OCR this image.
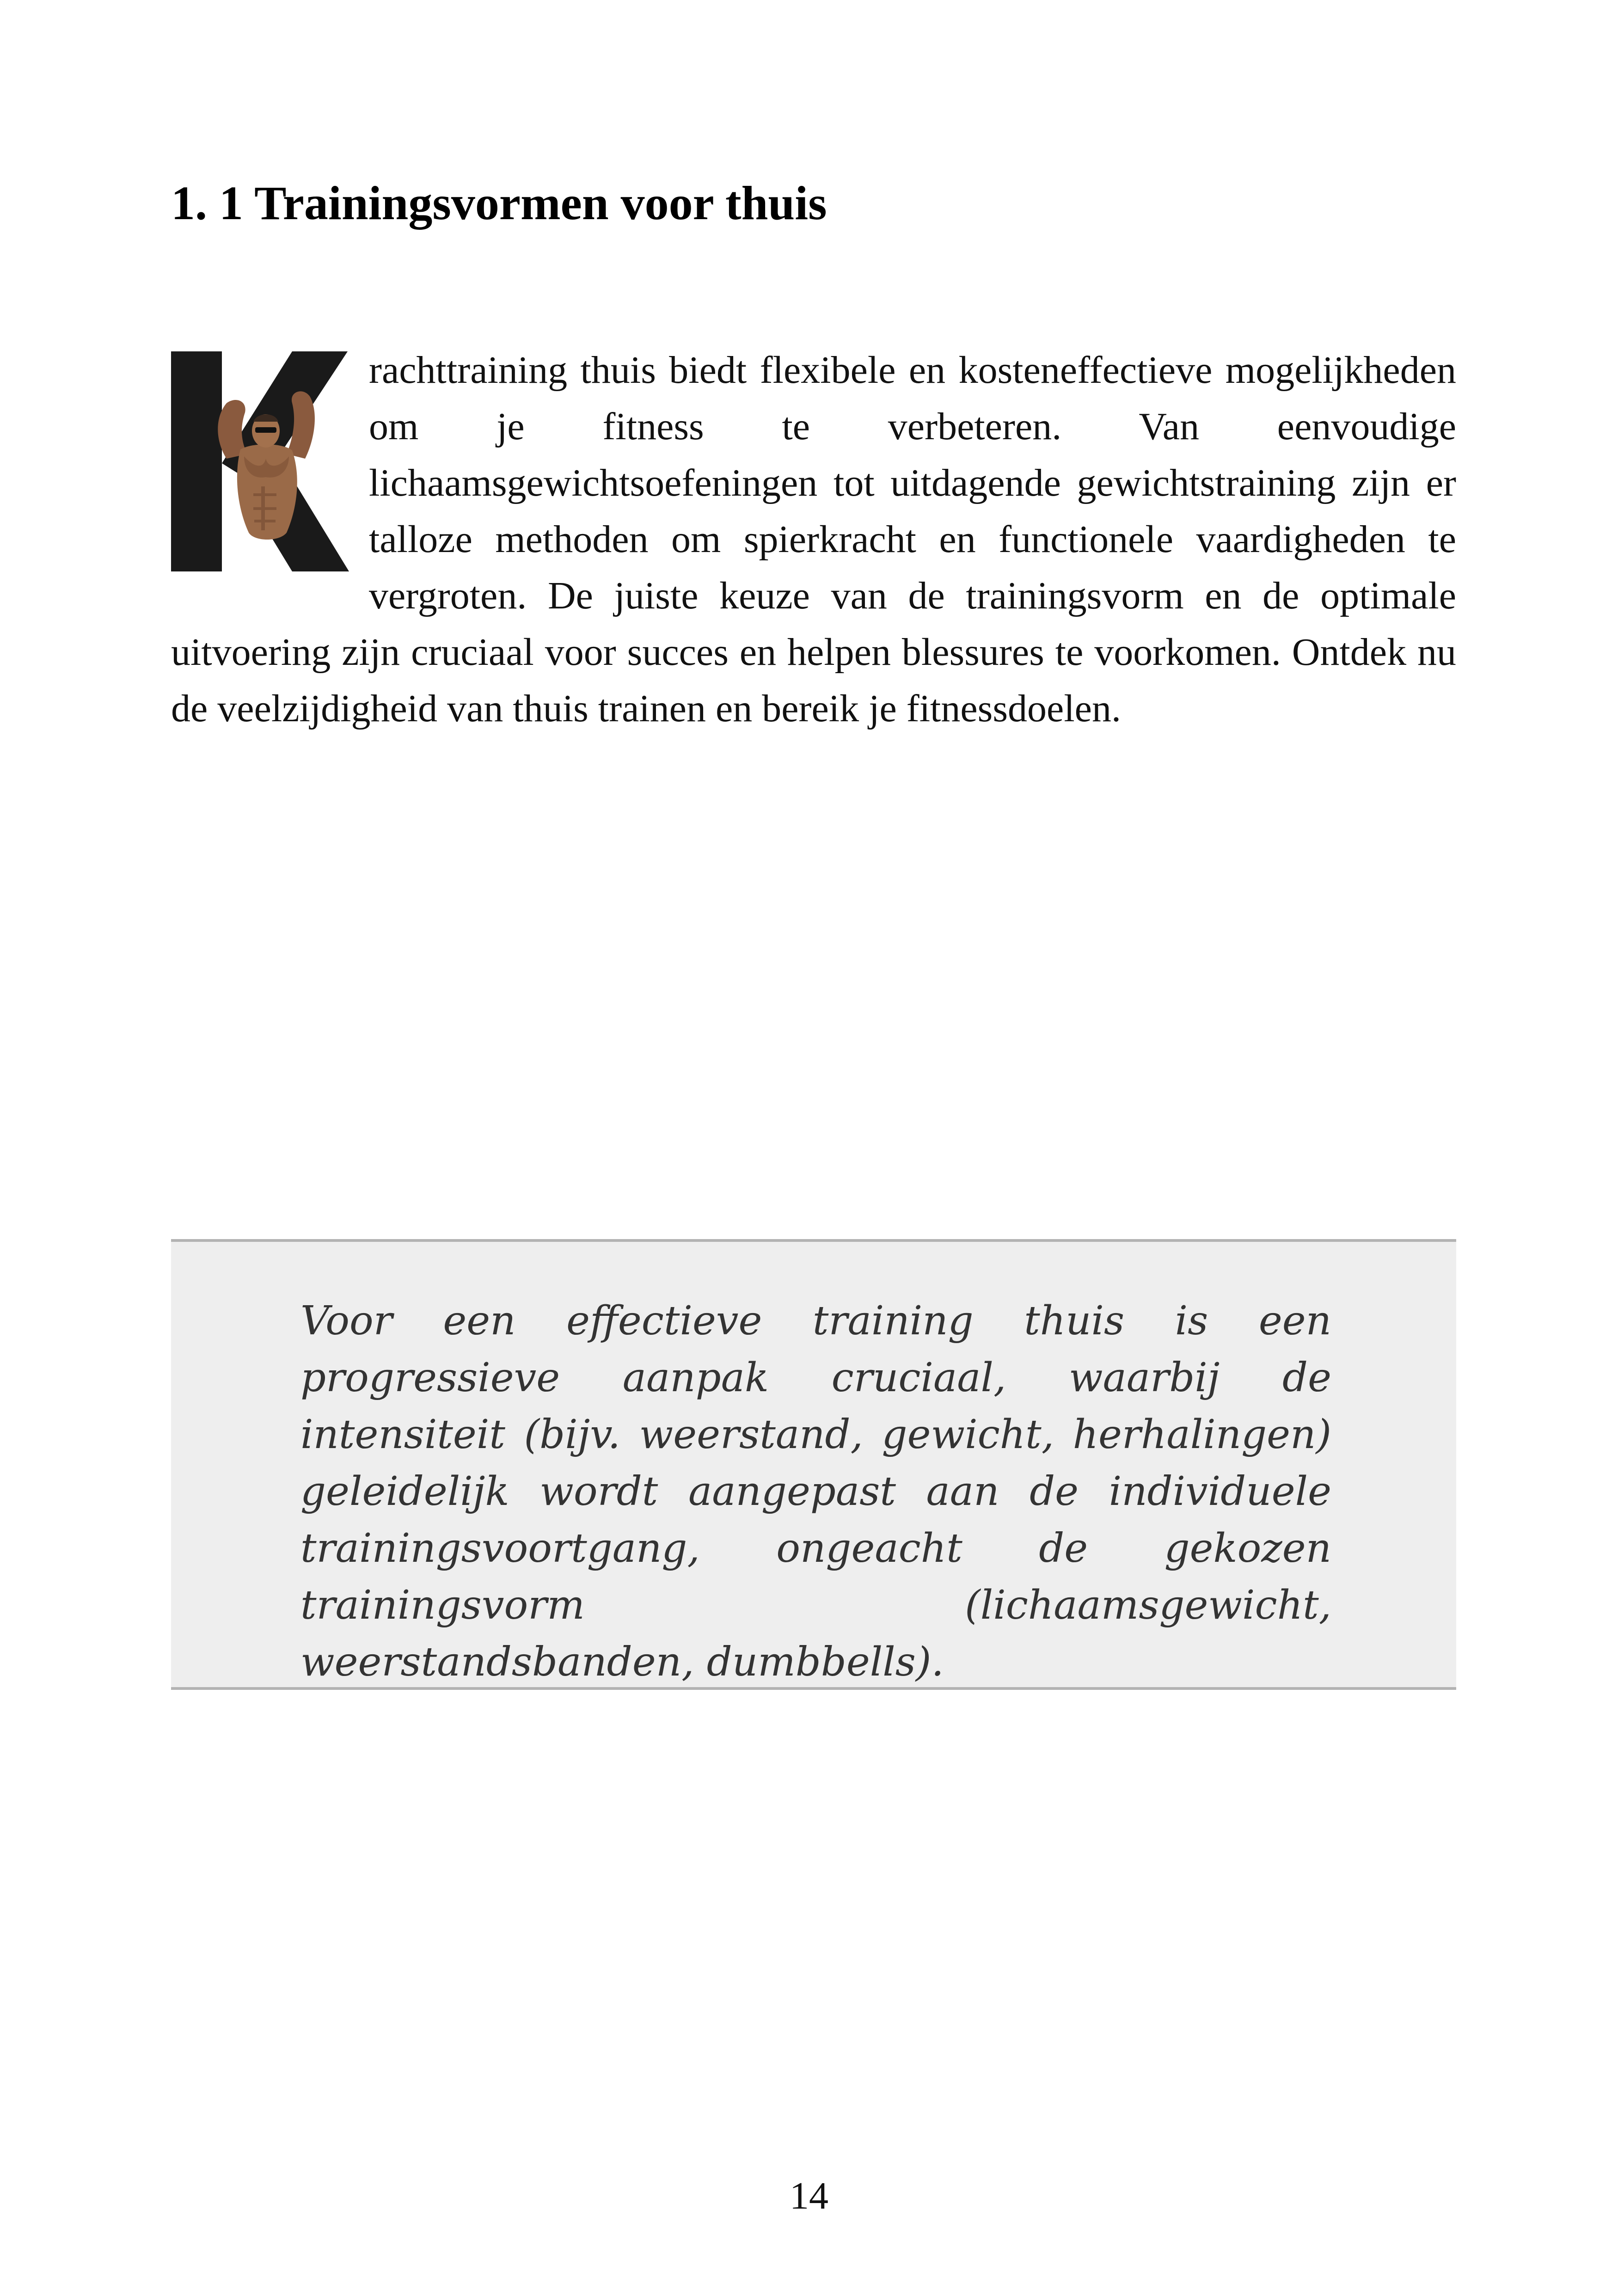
1. 1 Trainingsvormen voor thuis

rachttraining thuis biedt flexibele en kosteneffectieve mogelijkheden om je fitness te verbeteren. Van eenvoudige lichaamsgewichtsoefeningen tot uitdagende gewichtstraining zijn er talloze methoden om spierkracht en functionele vaardigheden te vergroten. De juiste keuze van de trainingsvorm en de optimale uitvoering zijn cruciaal voor succes en helpen blessures te voorkomen. Ontdek nu de veelzijdigheid van thuis trainen en bereik je fitnessdoelen.

Voor een effectieve training thuis is een progressieve aanpak cruciaal, waarbij de intensiteit (bijv. weerstand, gewicht, herhalingen) geleidelijk wordt aangepast aan de individuele trainingsvoortgang, ongeacht de gekozen trainingsvorm (lichaamsgewicht, weerstandsbanden, dumbbells).

14
